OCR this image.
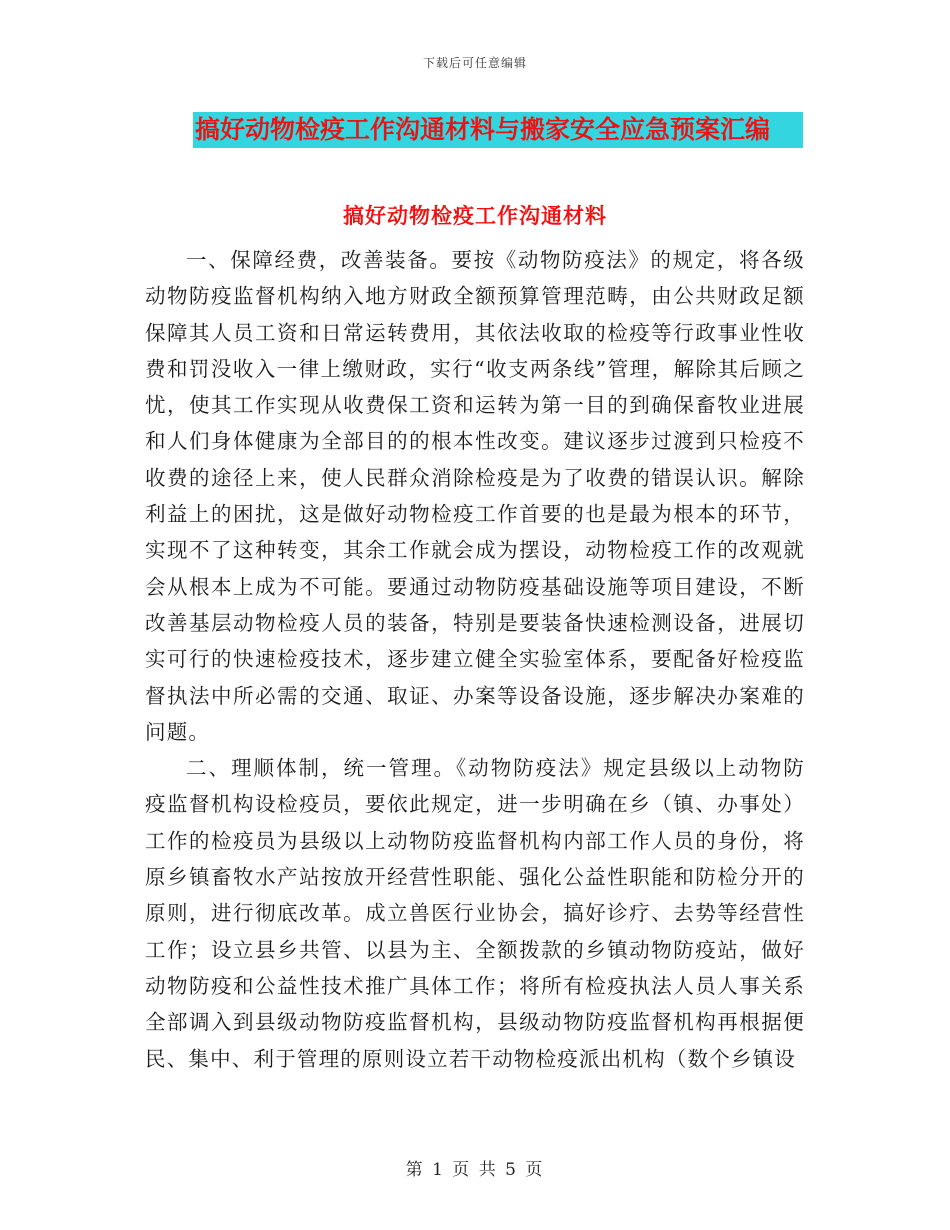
下载后可任意编辑
搞好动物检疫工作沟通材料与搬家安全应急预案汇编
搞好动物检疫工作沟通材料

一、保障经费，改善装备。要按《动物防疫法》的规定，将各级动物防疫监督机构纳入地方财政全额预算管理范畴，由公共财政足额保障其人员工资和日常运转费用，其依法收取的检疫等行政事业性收费和罚没收入一律上缴财政，实行“收支两条线”管理，解除其后顾之忧，使其工作实现从收费保工资和运转为第一目的到确保畜牧业进展和人们身体健康为全部目的的根本性改变。建议逐步过渡到只检疫不收费的途径上来，使人民群众消除检疫是为了收费的错误认识。解除利益上的困扰，这是做好动物检疫工作首要的也是最为根本的环节，实现不了这种转变，其余工作就会成为摆设，动物检疫工作的改观就会从根本上成为不可能。要通过动物防疫基础设施等项目建设，不断改善基层动物检疫人员的装备，特别是要装备快速检测设备，进展切实可行的快速检疫技术，逐步建立健全实验室体系，要配备好检疫监督执法中所必需的交通、取证、办案等设备设施，逐步解决办案难的问题。

二、理顺体制，统一管理。《动物防疫法》规定县级以上动物防疫监督机构设检疫员，要依此规定，进一步明确在乡（镇、办事处）工作的检疫员为县级以上动物防疫监督机构内部工作人员的身份，将原乡镇畜牧水产站按放开经营性职能、强化公益性职能和防检分开的原则，进行彻底改革。成立兽医行业协会，搞好诊疗、去势等经营性工作；设立县乡共管、以县为主、全额拨款的乡镇动物防疫站，做好动物防疫和公益性技术推广具体工作；将所有检疫执法人员人事关系全部调入到县级动物防疫监督机构，县级动物防疫监督机构再根据便民、集中、利于管理的原则设立若干动物检疫派出机构（数个乡镇设

第 1 页 共 5 页
